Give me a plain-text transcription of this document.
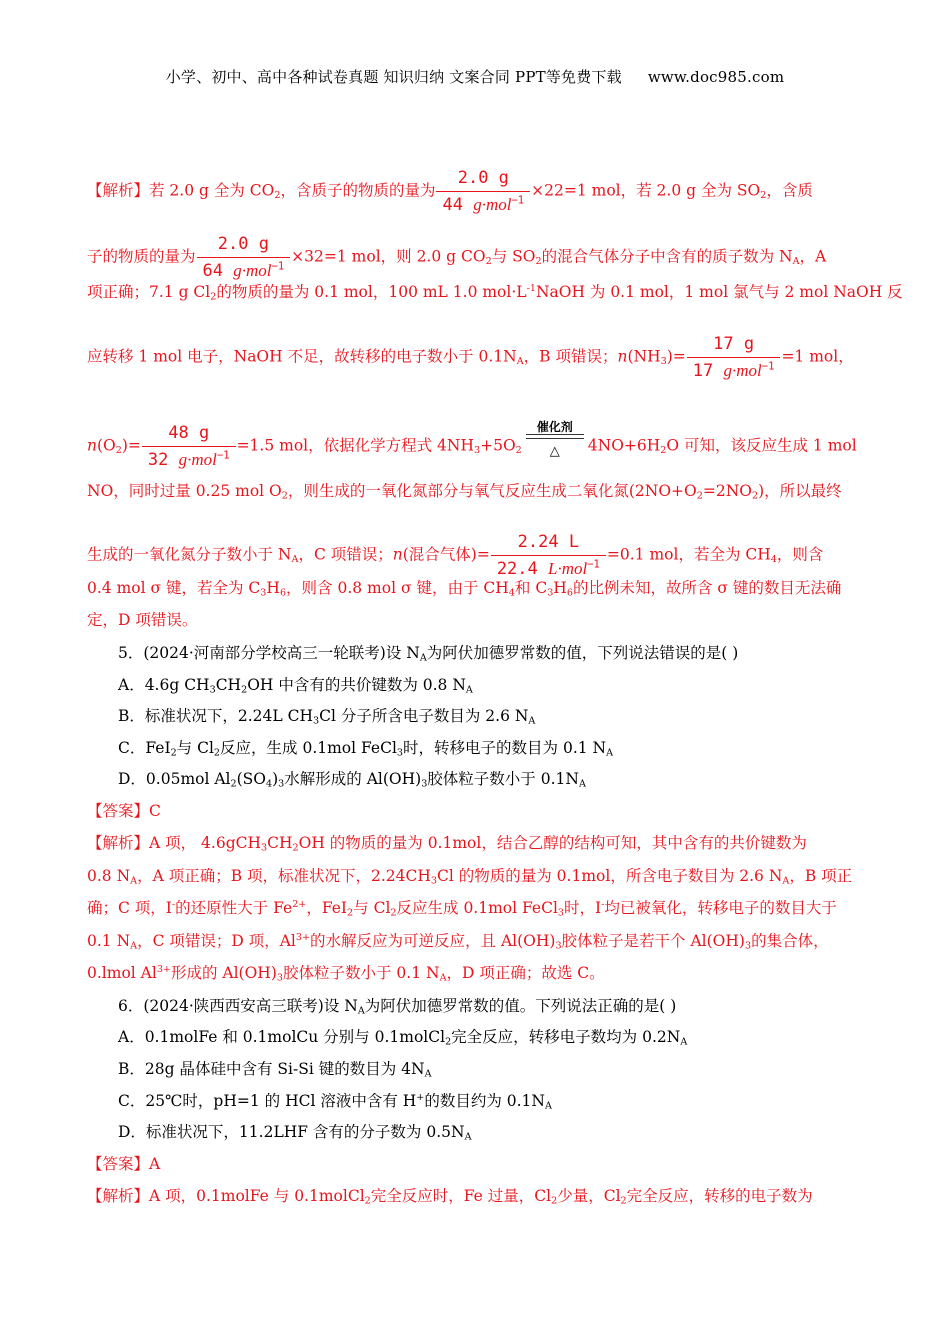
小学、初中、高中各种试卷真题 知识归纳 文案合同 PPT等免费下载 www.doc985.com
【解析】若 2.0 g 全为 $CO_2$，含质子的物质的量为 $\frac{2.0 g}{44 g\cdot mol^{-1}} \times 22=1$ mol，若 2.0 g 全为 $SO_2$，含质
子的物质的量为 $\frac{2.0 g}{64 g\cdot mol^{-1}} \times 32=1$ mol，则 2.0 g $CO_2$与 $SO_2$的混合气体分子中含有的质子数为 $N_A$，A
项正确；7.1 g $Cl_2$的物质的量为 0.1 mol，100 mL 1.0 $mol\cdot L^{-1}NaOH$ 为 0.1 mol，1 mol 氯气与 2 mol NaOH 反
应转移 1 mol 电子，NaOH 不足，故转移的电子数小于 $0.1N_A$，B 项错误；$n(NH_3)= \frac{17 g}{17 g\cdot mol^{-1}} =1$ mol，
$n(O_2)= \frac{48 g}{32 g\cdot mol^{-1}} =1.5$ mol，依据化学方程式 $4NH_3+5O_2$
催化剂
△	$4NO+6H_2O$ 可知，该反应生成 1 mol
NO，同时过量 0.25 mol $O_2$，则生成的一氧化氮部分与氧气反应生成二氧化氮$(2NO+O_2=2NO_2)$，所以最终
生成的一氧化氮分子数小于 $N_A$，C 项错误；n(混合气体)= $\frac{2.24 L}{22.4 L\cdot mol^{-1}} =0.1$ mol，若全为 $CH_4$，则含
0.4 mol σ 键，若全为 $C_3H_6$，则含 0.8 mol σ 键，由于 $CH_4$和 $C_3H_6$的比例未知，故所含 σ 键的数目无法确
定，D 项错误。
5．(2024·河南部分学校高三一轮联考)设 $N_A$为阿伏加德罗常数的值，下列说法错误的是( )
A．4.6g $CH_3CH_2OH$ 中含有的共价键数为 0.8 $N_A$
B．标准状况下，2.24L $CH_3Cl$ 分子所含电子数目为 2.6 $N_A$
C．FeI$_2$与 $Cl_2$反应，生成 0.1mol FeCl$_3$时，转移电子的数目为 0.1 $N_A$
D．0.05mol $Al_2(SO_4)_3$水解形成的 $Al(OH)_3$胶体粒子数小于 $0.1N_A$
【答案】C
【解析】A 项， $4.6gCH_3CH_2OH$ 的物质的量为 0.1mol，结合乙醇的结构可知，其中含有的共价键数为
0.8 $N_A$，A 项正确；B 项，标准状况下，$2.24CH_3Cl$ 的物质的量为 0.1mol，所含电子数目为 2.6 $N_A$，B 项正
确；C 项，I-的还原性大于 $Fe^{2+}$，FeI$_2$与 $Cl_2$反应生成 0.1mol FeCl$_3$时，I-均已被氧化，转移电子的数目大于
0.1 $N_A$，C 项错误；D 项，$Al^{3+}$的水解反应为可逆反应，且 $Al(OH)_3$胶体粒子是若干个 $Al(OH)_3$的集合体，
0.lmol $Al^{3+}$形成的 $Al(OH)_3$胶体粒子数小于 0.1 $N_A$，D 项正确；故选 C。
6．(2024·陕西西安高三联考)设 $N_A$为阿伏加德罗常数的值。下列说法正确的是( )
A．0.1molFe 和 0.1molCu 分别与 0.1molCl$_2$完全反应，转移电子数均为 $0.2N_A$
B．28g 晶体硅中含有 Si-Si 键的数目为 $4N_A$
C．25℃时，pH=1 的 HCl 溶液中含有 H+的数目约为 $0.1N_A$
D．标准状况下，11.2LHF 含有的分子数为 $0.5N_A$
【答案】A
【解析】A 项，0.1molFe 与 0.1molCl$_2$完全反应时，Fe 过量，$Cl_2$少量，$Cl_2$完全反应，转移的电子数为
